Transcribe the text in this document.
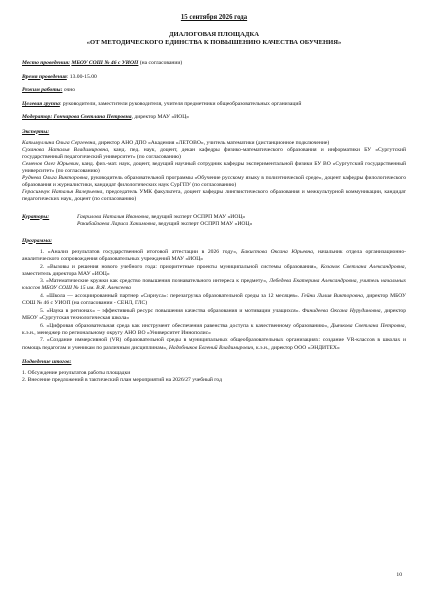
15 сентября 2026 года
ДИАЛОГОВАЯ ПЛОЩАДКА
«ОТ МЕТОДИЧЕСКОГО ЕДИНСТВА К ПОВЫШЕНИЮ КАЧЕСТВА ОБУЧЕНИЯ»

Место проведения: МБОУ СОШ № 46 с УИОП (на согласовании)

Время проведения: 13.00-15.00

Режим работы: очно

Целевая группа: руководители, заместители руководителя, учителя предметники общеобразовательных организаций

Модератор: Гончарова Светлана Петровна, директор МАУ «ИОЦ»

Эксперты:

Капымуллина Ольга Сергеевна, директор АНО ДПО «Академия «ЛЕТОВО», учитель математики (дистанционное подключение)

Суханова Наталья Владимировна, канд. пед. наук, доцент, декан кафедры физико-математического образования и информатики БУ «Сургутский государственный педагогический университет» (по согласованию)

Семенов Олег Юрьевич, канд. физ.-мат. наук, доцент, ведущий научный сотрудник кафедры экспериментальной физики БУ ВО «Сургутский государственный университет» (по согласованию)

Руднева Ольга Викторовна, руководитель образовательной программы «Обучение русскому языку в полиэтнической среде», доцент кафедры филологического образования и журналистики, кандидат филологических наук СурГПУ (по согласованию)

Герасимчук Наталья Валерьевна, председатель УМК факультета, доцент кафедры лингвистического образования и межкультурной коммуникации, кандидат педагогических наук, доцент (по согласованию)

Кураторы:	Гаврилова Наталия Ивановна, ведущий эксперт ОСПРП МАУ «ИОЦ»
Ракибайзаева Лариса Хакимовна, ведущий эксперт ОСПРП МАУ «ИОЦ»
Программа:

1. «Анализ результатов государственной итоговой аттестации в 2026 году», Бакистова Оксана Юрьевна, начальник отдела организационно-аналитического сопровождения образовательных учреждений МАУ «ИОЦ»

2. «Вызовы и решения нового учебного года: приоритетные проекты муниципальной системы образования», Козачок Светлана Александровна, заместитель директора МАУ «ИОЦ»

3. «Математические кружки как средство повышения познавательного интереса к предмету», Лебедева Екатерина Александровна, учитель начальных классов МБОУ СОШ № 15 им. В.Я. Алексеева

4. «Школа — ассоциированный партнер «Сириуса»: перезагрузка образовательной среды за 12 месяцев». Гейни Лилия Викторовна, директор МБОУ СОШ № 46 с УИОП (на согласовании - СЕНЛ, ГЛС)

5. «Наука в регионах» – эффективный ресурс повышения качества образования и мотивации учащихся». Финидеева Оксана Нурудиновна, директор МБОУ «Сургутская технологическая школа»

6. «Цифровая образовательная среда как инструмент обеспечения равенства доступа к качественному образованию», Дьячкова Светлана Петровна, к.э.н., менеджер по региональному округу АНО ВО «Университет Иннополис»

7. «Создание иммерсивной (VR) образовательной среды в муниципальных общеобразовательных организациях: создание VR-классов в школах и помощь педагогам и ученикам по различным дисциплинам», Надобников Евгений Владимирович, к.э.н., директор ООО «ЭНДИТЕХ»

Подведение итогов:

1. Обсуждение результатов работы площадки

2. Внесение предложений в тактический план мероприятий на 2026/27 учебный год

10
